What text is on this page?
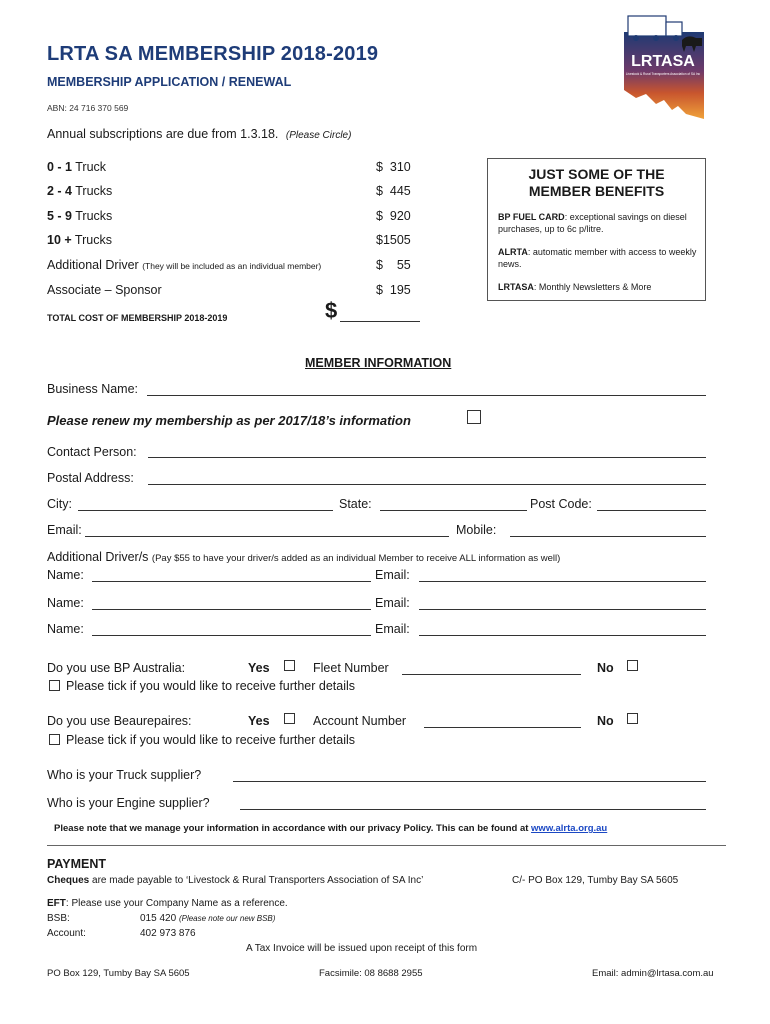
LRTA SA MEMBERSHIP 2018-2019
MEMBERSHIP APPLICATION / RENEWAL
ABN: 24 716 370 569
LRTASA
Livestock & Rural Transporters Association of SA Inc
Annual subscriptions are due from 1.3.18. (Please Circle)
0 - 1 Truck	$  310
2 - 4 Trucks	$  445
5 - 9 Trucks	$  920
10 + Trucks	$1505
Additional Driver (They will be included as an individual member)	$    55
Associate – Sponsor	$  195
TOTAL COST OF MEMBERSHIP 2018-2019	$
JUST SOME OF THE
MEMBER BENEFITS
BP FUEL CARD: exceptional savings on diesel purchases, up to 6c p/litre.
ALRTA: automatic member with access to weekly news.
LRTASA: Monthly Newsletters & More
MEMBER INFORMATION
Business Name:
Please renew my membership as per 2017/18’s information
Contact Person:
Postal Address:
City:	State:	Post Code:
Email:	Mobile:
Additional Driver/s (Pay $55 to have your driver/s added as an individual Member to receive ALL information as well)
Name:	Email:
Name:	Email:
Name:	Email:
Do you use BP Australia:	Yes	Fleet Number	No
Please tick if you would like to receive further details
Do you use Beaurepaires:	Yes	Account Number	No
Please tick if you would like to receive further details
Who is your Truck supplier?
Who is your Engine supplier?
Please note that we manage your information in accordance with our privacy Policy. This can be found at www.alrta.org.au
PAYMENT
Cheques are made payable to ‘Livestock & Rural Transporters Association of SA Inc’	C/- PO Box 129, Tumby Bay SA 5605
EFT: Please use your Company Name as a reference.
BSB:	015 420 (Please note our new BSB)
Account:	402 973 876
A Tax Invoice will be issued upon receipt of this form
PO Box 129, Tumby Bay SA 5605	Facsimile: 08 8688 2955	Email: admin@lrtasa.com.au
